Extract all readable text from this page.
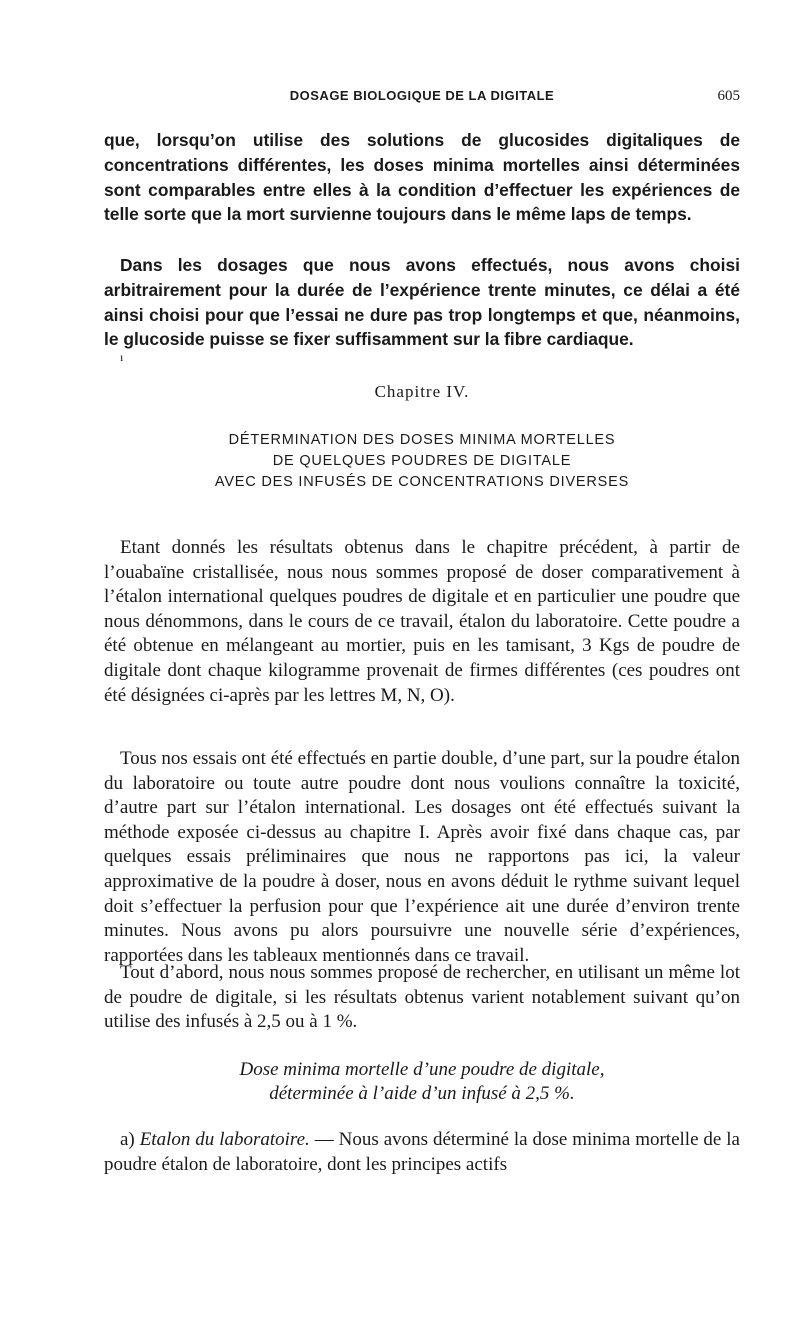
DOSAGE BIOLOGIQUE DE LA DIGITALE	605
que, lorsqu’on utilise des solutions de glucosides digitaliques de concentrations différentes, les doses minima mortelles ainsi déterminées sont comparables entre elles à la condition d’effectuer les expériences de telle sorte que la mort survienne toujours dans le même laps de temps.
Dans les dosages que nous avons effectués, nous avons choisi arbitrairement pour la durée de l’expérience trente minutes, ce délai a été ainsi choisi pour que l’essai ne dure pas trop longtemps et que, néanmoins, le glucoside puisse se fixer suffisamment sur la fibre cardiaque.
ı
Chapitre IV.
DÉTERMINATION DES DOSES MINIMA MORTELLES
DE QUELQUES POUDRES DE DIGITALE
AVEC DES INFUSÉS DE CONCENTRATIONS DIVERSES
Etant donnés les résultats obtenus dans le chapitre précédent, à partir de l’ouabaïne cristallisée, nous nous sommes proposé de doser comparativement à l’étalon international quelques poudres de digitale et en particulier une poudre que nous dénommons, dans le cours de ce travail, étalon du laboratoire. Cette poudre a été obtenue en mélangeant au mortier, puis en les tamisant, 3 Kgs de poudre de digitale dont chaque kilogramme provenait de firmes différentes (ces poudres ont été désignées ci-après par les lettres M, N, O).
Tous nos essais ont été effectués en partie double, d’une part, sur la poudre étalon du laboratoire ou toute autre poudre dont nous voulions connaître la toxicité, d’autre part sur l’étalon international. Les dosages ont été effectués suivant la méthode exposée ci-dessus au chapitre I. Après avoir fixé dans chaque cas, par quelques essais préliminaires que nous ne rapportons pas ici, la valeur approximative de la poudre à doser, nous en avons déduit le rythme suivant lequel doit s’effectuer la perfusion pour que l’expérience ait une durée d’environ trente minutes. Nous avons pu alors poursuivre une nouvelle série d’expériences, rapportées dans les tableaux mentionnés dans ce travail.
Tout d’abord, nous nous sommes proposé de rechercher, en utilisant un même lot de poudre de digitale, si les résultats obtenus varient notablement suivant qu’on utilise des infusés à 2,5 ou à 1 %.
Dose minima mortelle d’une poudre de digitale,
déterminée à l’aide d’un infusé à 2,5 %.
a) Etalon du laboratoire. — Nous avons déterminé la dose minima mortelle de la poudre étalon de laboratoire, dont les principes actifs
